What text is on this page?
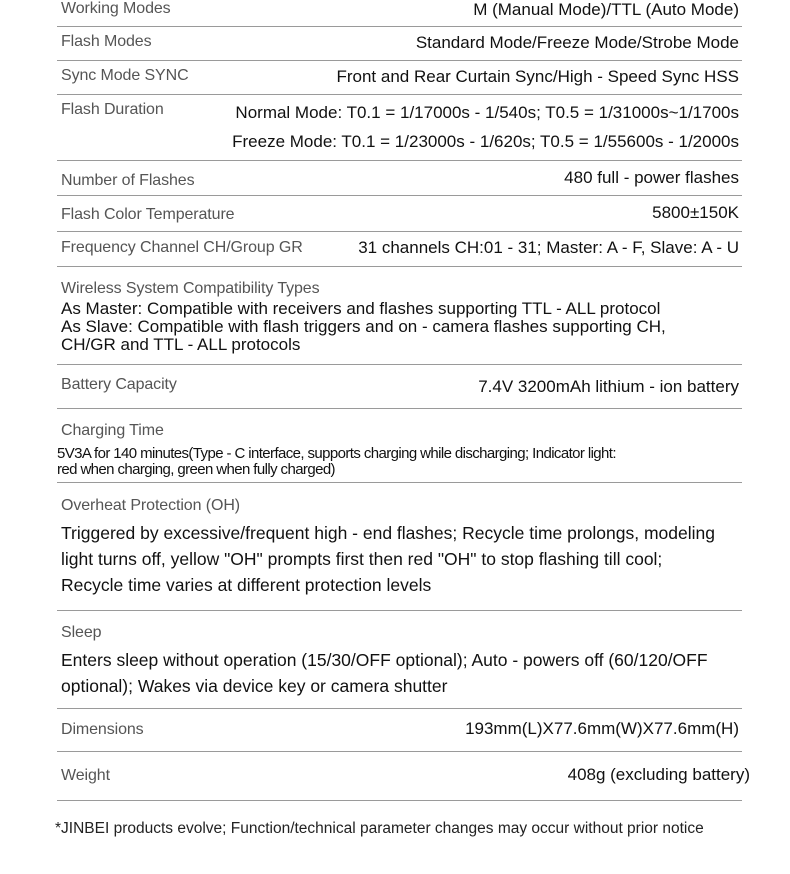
Working Modes	M (Manual Mode)/TTL (Auto Mode)
Flash Modes	Standard Mode/Freeze Mode/Strobe Mode
Sync Mode SYNC	Front and Rear Curtain Sync/High - Speed Sync HSS
Flash Duration	Normal Mode: T0.1 = 1/17000s - 1/540s; T0.5 = 1/31000s~1/1700s
Freeze Mode: T0.1 = 1/23000s - 1/620s; T0.5 = 1/55600s - 1/2000s
Number of Flashes	480 full - power flashes
Flash Color Temperature	5800±150K
Frequency Channel CH/Group GR	31 channels CH:01 - 31; Master: A - F, Slave: A - U
Wireless System Compatibility Types
As Master: Compatible with receivers and flashes supporting TTL - ALL protocol
As Slave: Compatible with flash triggers and on - camera flashes supporting CH,
CH/GR and TTL - ALL protocols
Battery Capacity	7.4V 3200mAh lithium - ion battery
Charging Time
5V3A for 140 minutes(Type - C interface, supports charging while discharging; Indicator light:
red when charging, green when fully charged)
Overheat Protection (OH)
Triggered by excessive/frequent high - end flashes; Recycle time prolongs, modeling
light turns off, yellow "OH" prompts first then red "OH" to stop flashing till cool;
Recycle time varies at different protection levels
Sleep
Enters sleep without operation (15/30/OFF optional); Auto - powers off (60/120/OFF
optional); Wakes via device key or camera shutter
Dimensions	193mm(L)X77.6mm(W)X77.6mm(H)
Weight	408g (excluding battery)
*JINBEI products evolve; Function/technical parameter changes may occur without prior notice
